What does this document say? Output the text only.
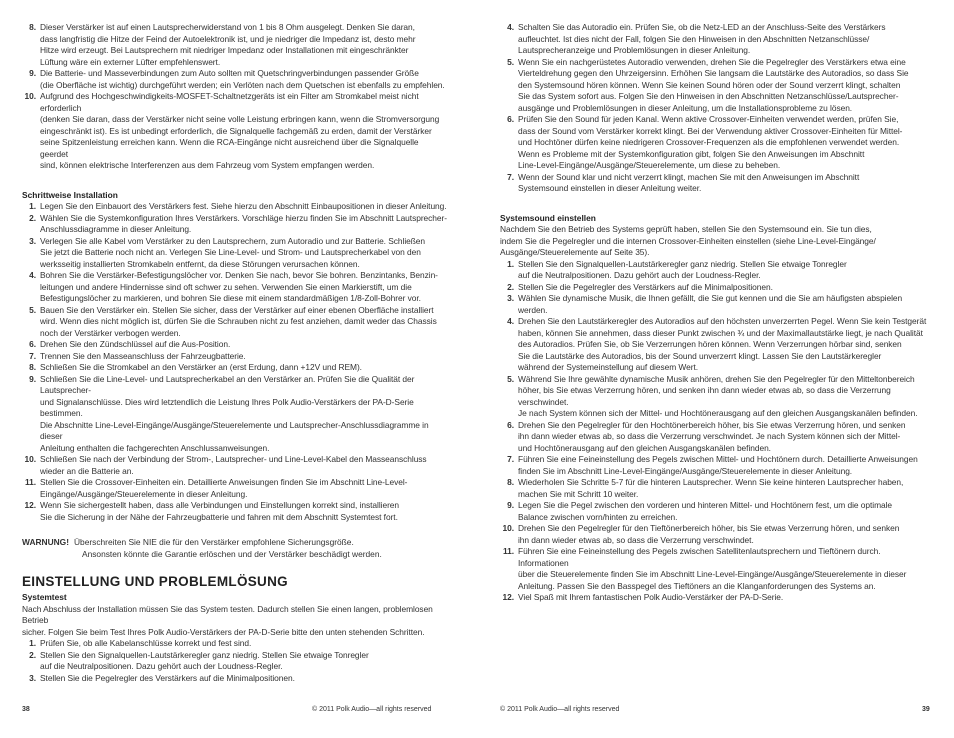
8. Dieser Verstärker ist auf einen Lautsprecherwiderstand von 1 bis 8 Ohm ausgelegt. Denken Sie daran,
dass langfristig die Hitze der Feind der Autoelektronik ist, und je niedriger die Impedanz ist, desto mehr
Hitze wird erzeugt. Bei Lautsprechern mit niedriger Impedanz oder Installationen mit eingeschränkter
Lüftung wäre ein externer Lüfter empfehlenswert.
9. Die Batterie- und Masseverbindungen zum Auto sollten mit Quetschringverbindungen passender Größe
(die Oberfläche ist wichtig) durchgeführt werden; ein Verlöten nach dem Quetschen ist ebenfalls zu empfehlen.
10. Aufgrund des Hochgeschwindigkeits-MOSFET-Schaltnetzgeräts ist ein Filter am Stromkabel meist nicht erforderlich
(denken Sie daran, dass der Verstärker nicht seine volle Leistung erbringen kann, wenn die Stromversorgung
eingeschränkt ist). Es ist unbedingt erforderlich, die Signalquelle fachgemäß zu erden, damit der Verstärker
seine Spitzenleistung erreichen kann. Wenn die RCA-Eingänge nicht ausreichend über die Signalquelle geerdet
sind, können elektrische Interferenzen aus dem Fahrzeug vom System empfangen werden.
Schrittweise Installation
1. Legen Sie den Einbauort des Verstärkers fest. Siehe hierzu den Abschnitt Einbaupositionen in dieser Anleitung.
2. Wählen Sie die Systemkonfiguration Ihres Verstärkers. Vorschläge hierzu finden Sie im Abschnitt Lautsprecher-
Anschlussdiagramme in dieser Anleitung.
3. Verlegen Sie alle Kabel vom Verstärker zu den Lautsprechern, zum Autoradio und zur Batterie. Schließen
Sie jetzt die Batterie noch nicht an. Verlegen Sie Line-Level- und Strom- und Lautsprecherkabel von den
werksseitig installierten Stromkabeln entfernt, da diese Störungen verursachen können.
4. Bohren Sie die Verstärker-Befestigungslöcher vor. Denken Sie nach, bevor Sie bohren. Benzintanks, Benzin-
leitungen und andere Hindernisse sind oft schwer zu sehen. Verwenden Sie einen Markierstift, um die
Befestigungslöcher zu markieren, und bohren Sie diese mit einem standardmäßigen 1/8-Zoll-Bohrer vor.
5. Bauen Sie den Verstärker ein. Stellen Sie sicher, dass der Verstärker auf einer ebenen Oberfläche installiert
wird. Wenn dies nicht möglich ist, dürfen Sie die Schrauben nicht zu fest anziehen, damit weder das Chassis
noch der Verstärker verbogen werden.
6. Drehen Sie den Zündschlüssel auf die Aus-Position.
7. Trennen Sie den Masseanschluss der Fahrzeugbatterie.
8. Schließen Sie die Stromkabel an den Verstärker an (erst Erdung, dann +12V und REM).
9. Schließen Sie die Line-Level- und Lautsprecherkabel an den Verstärker an. Prüfen Sie die Qualität der Lautsprecher-
und Signalanschlüsse. Dies wird letztendlich die Leistung Ihres Polk Audio-Verstärkers der PA-D-Serie bestimmen.
Die Abschnitte Line-Level-Eingänge/Ausgänge/Steuerelemente und Lautsprecher-Anschlussdiagramme in dieser
Anleitung enthalten die fachgerechten Anschlussanweisungen.
10. Schließen Sie nach der Verbindung der Strom-, Lautsprecher- und Line-Level-Kabel den Masseanschluss
wieder an die Batterie an.
11. Stellen Sie die Crossover-Einheiten ein. Detaillierte Anweisungen finden Sie im Abschnitt Line-Level-
Eingänge/Ausgänge/Steuerelemente in dieser Anleitung.
12. Wenn Sie sichergestellt haben, dass alle Verbindungen und Einstellungen korrekt sind, installieren
Sie die Sicherung in der Nähe der Fahrzeugbatterie und fahren mit dem Abschnitt Systemtest fort.
WARNUNG! Überschreiten Sie NIE die für den Verstärker empfohlene Sicherungsgröße.
Ansonsten könnte die Garantie erlöschen und der Verstärker beschädigt werden.
EINSTELLUNG UND PROBLEMLÖSUNG
Systemtest
Nach Abschluss der Installation müssen Sie das System testen. Dadurch stellen Sie einen langen, problemlosen Betrieb
sicher. Folgen Sie beim Test Ihres Polk Audio-Verstärkers der PA-D-Serie bitte den unten stehenden Schritten.
1. Prüfen Sie, ob alle Kabelanschlüsse korrekt und fest sind.
2. Stellen Sie den Signalquellen-Lautstärkeregler ganz niedrig. Stellen Sie etwaige Tonregler
auf die Neutralpositionen. Dazu gehört auch der Loudness-Regler.
3. Stellen Sie die Pegelregler des Verstärkers auf die Minimalpositionen.
4. Schalten Sie das Autoradio ein. Prüfen Sie, ob die Netz-LED an der Anschluss-Seite des Verstärkers
aufleuchtet. Ist dies nicht der Fall, folgen Sie den Hinweisen in den Abschnitten Netzanschlüsse/
Lautsprecheranzeige und Problemlösungen in dieser Anleitung.
5. Wenn Sie ein nachgerüstetes Autoradio verwenden, drehen Sie die Pegelregler des Verstärkers etwa eine
Vierteldrehung gegen den Uhrzeigersinn. Erhöhen Sie langsam die Lautstärke des Autoradios, so dass Sie
den Systemsound hören können. Wenn Sie keinen Sound hören oder der Sound verzerrt klingt, schalten
Sie das System sofort aus. Folgen Sie den Hinweisen in den Abschnitten Netzanschlüsse/Lautsprecher-
ausgänge und Problemlösungen in dieser Anleitung, um die Installationsprobleme zu lösen.
6. Prüfen Sie den Sound für jeden Kanal. Wenn aktive Crossover-Einheiten verwendet werden, prüfen Sie,
dass der Sound vom Verstärker korrekt klingt. Bei der Verwendung aktiver Crossover-Einheiten für Mittel-
und Hochtöner dürfen keine niedrigeren Crossover-Frequenzen als die empfohlenen verwendet werden.
Wenn es Probleme mit der Systemkonfiguration gibt, folgen Sie den Anweisungen im Abschnitt
Line-Level-Eingänge/Ausgänge/Steuerelemente, um diese zu beheben.
7. Wenn der Sound klar und nicht verzerrt klingt, machen Sie mit den Anweisungen im Abschnitt
Systemsound einstellen in dieser Anleitung weiter.
Systemsound einstellen
Nachdem Sie den Betrieb des Systems geprüft haben, stellen Sie den Systemsound ein. Sie tun dies,
indem Sie die Pegelregler und die internen Crossover-Einheiten einstellen (siehe Line-Level-Eingänge/
Ausgänge/Steuerelemente auf Seite 35).
1. Stellen Sie den Signalquellen-Lautstärkeregler ganz niedrig. Stellen Sie etwaige Tonregler
auf die Neutralpositionen. Dazu gehört auch der Loudness-Regler.
2. Stellen Sie die Pegelregler des Verstärkers auf die Minimalpositionen.
3. Wählen Sie dynamische Musik, die Ihnen gefällt, die Sie gut kennen und die Sie am häufigsten abspielen werden.
4. Drehen Sie den Lautstärkeregler des Autoradios auf den höchsten unverzerrten Pegel. Wenn Sie kein Testgerät
haben, können Sie annehmen, dass dieser Punkt zwischen ¾ und der Maximallautstärke liegt, je nach Qualität
des Autoradios. Prüfen Sie, ob Sie Verzerrungen hören können. Wenn Verzerrungen hörbar sind, senken
Sie die Lautstärke des Autoradios, bis der Sound unverzerrt klingt. Lassen Sie den Lautstärkeregler
während der Systemeinstellung auf diesem Wert.
5. Während Sie Ihre gewählte dynamische Musik anhören, drehen Sie den Pegelregler für den Mitteltonbereich
höher, bis Sie etwas Verzerrung hören, und senken ihn dann wieder etwas ab, so dass die Verzerrung verschwindet.
Je nach System können sich der Mittel- und Hochtönerausgang auf den gleichen Ausgangskanälen befinden.
6. Drehen Sie den Pegelregler für den Hochtönerbereich höher, bis Sie etwas Verzerrung hören, und senken
ihn dann wieder etwas ab, so dass die Verzerrung verschwindet. Je nach System können sich der Mittel-
und Hochtönerausgang auf den gleichen Ausgangskanälen befinden.
7. Führen Sie eine Feineinstellung des Pegels zwischen Mittel- und Hochtönern durch. Detaillierte Anweisungen
finden Sie im Abschnitt Line-Level-Eingänge/Ausgänge/Steuerelemente in dieser Anleitung.
8. Wiederholen Sie Schritte 5-7 für die hinteren Lautsprecher. Wenn Sie keine hinteren Lautsprecher haben,
machen Sie mit Schritt 10 weiter.
9. Legen Sie die Pegel zwischen den vorderen und hinteren Mittel- und Hochtönern fest, um die optimale
Balance zwischen vorn/hinten zu erreichen.
10. Drehen Sie den Pegelregler für den Tieftönerbereich höher, bis Sie etwas Verzerrung hören, und senken
ihn dann wieder etwas ab, so dass die Verzerrung verschwindet.
11. Führen Sie eine Feineinstellung des Pegels zwischen Satellitenlautsprechern und Tieftönern durch. Informationen
über die Steuerelemente finden Sie im Abschnitt Line-Level-Eingänge/Ausgänge/Steuerelemente in dieser
Anleitung. Passen Sie den Basspegel des Tieftöners an die Klanganforderungen des Systems an.
12. Viel Spaß mit Ihrem fantastischen Polk Audio-Verstärker der PA-D-Serie.
38	© 2011 Polk Audio—all rights reserved	© 2011 Polk Audio—all rights reserved	39
